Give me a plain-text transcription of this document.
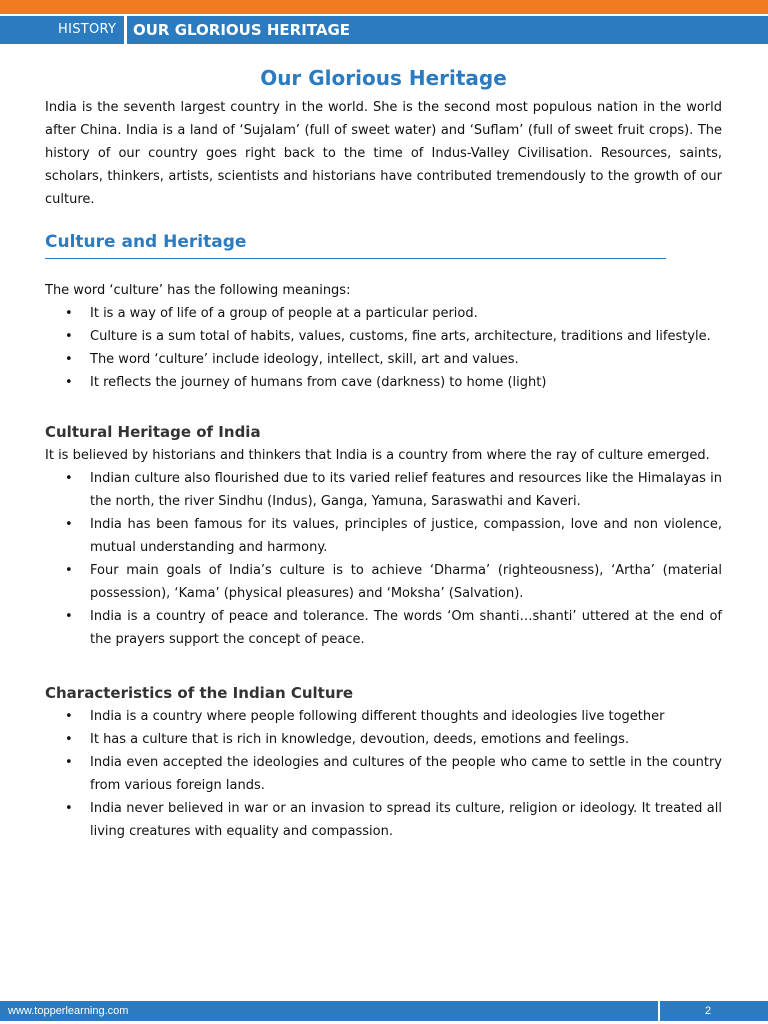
HISTORY OUR GLORIOUS HERITAGE
Our Glorious Heritage

India is the seventh largest country in the world. She is the second most populous nation in the world after China. India is a land of ‘Sujalam’ (full of sweet water) and ‘Suflam’ (full of sweet fruit crops). The history of our country goes right back to the time of Indus-Valley Civilisation. Resources, saints, scholars, thinkers, artists, scientists and historians have contributed tremendously to the growth of our culture.

Culture and Heritage

The word ‘culture’ has the following meanings:

• It is a way of life of a group of people at a particular period.
• Culture is a sum total of habits, values, customs, fine arts, architecture, traditions and lifestyle.
• The word ‘culture’ include ideology, intellect, skill, art and values.
• It reflects the journey of humans from cave (darkness) to home (light)
Cultural Heritage of India

It is believed by historians and thinkers that India is a country from where the ray of culture emerged.

• Indian culture also flourished due to its varied relief features and resources like the Himalayas in the north, the river Sindhu (Indus), Ganga, Yamuna, Saraswathi and Kaveri.
• India has been famous for its values, principles of justice, compassion, love and non violence, mutual understanding and harmony.
• Four main goals of India’s culture is to achieve ‘Dharma’ (righteousness), ‘Artha’ (material possession), ‘Kama’ (physical pleasures) and ‘Moksha’ (Salvation).
• India is a country of peace and tolerance. The words ‘Om shanti…shanti’ uttered at the end of the prayers support the concept of peace.
Characteristics of the Indian Culture
• India is a country where people following different thoughts and ideologies live together
• It has a culture that is rich in knowledge, devoution, deeds, emotions and feelings.
• India even accepted the ideologies and cultures of the people who came to settle in the country from various foreign lands.
• India never believed in war or an invasion to spread its culture, religion or ideology. It treated all living creatures with equality and compassion.
www.topperlearning.com	2
